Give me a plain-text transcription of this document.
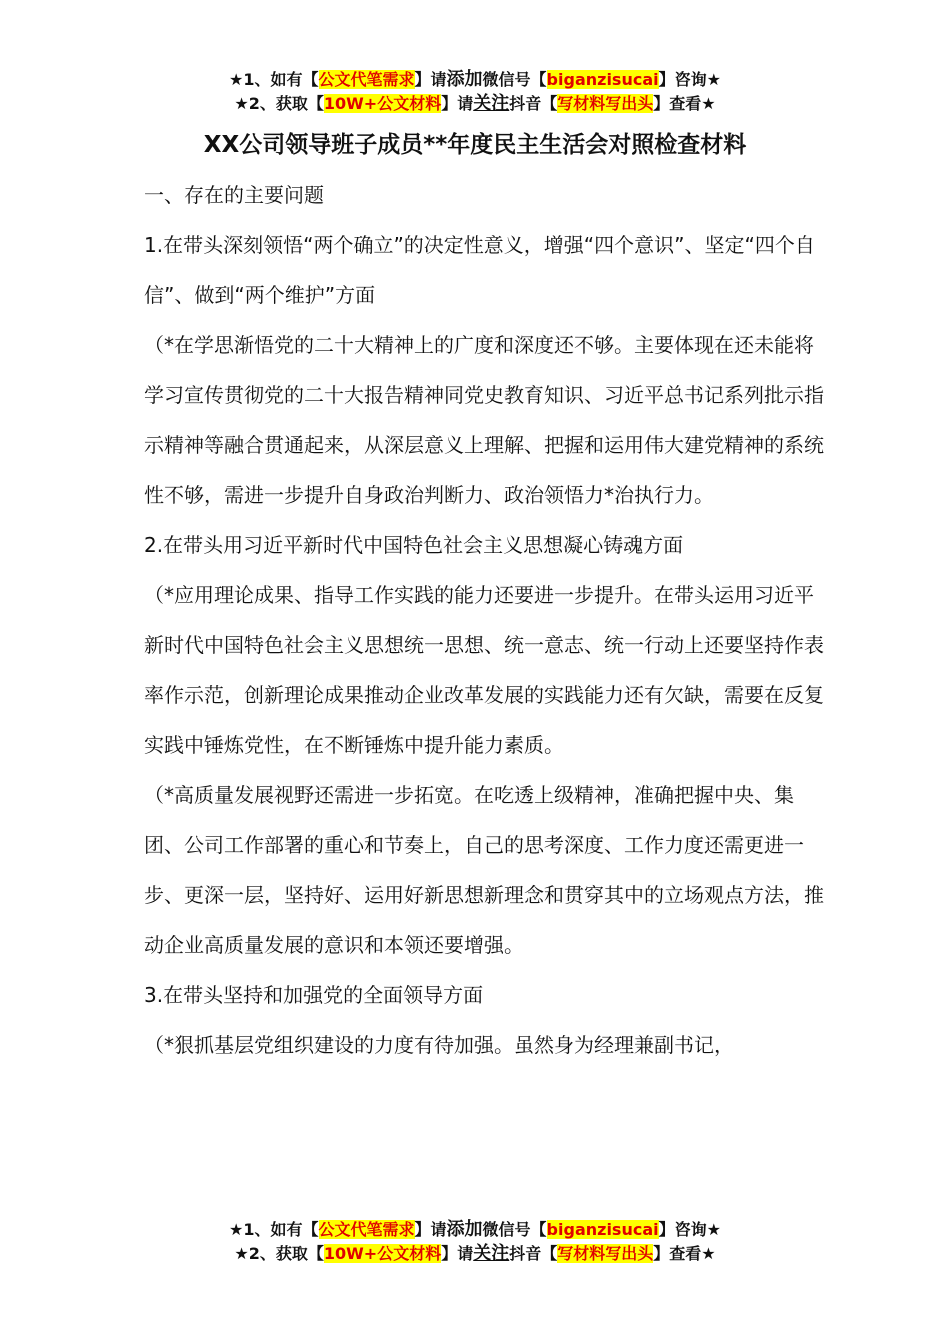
★1、如有【公文代笔需求】请添加微信号【biganzisucai】咨询★
★2、获取【10W+公文材料】请关注抖音【写材料写出头】查看★
XX公司领导班子成员**年度民主生活会对照检查材料

一、存在的主要问题

1.在带头深刻领悟“两个确立”的决定性意义，增强“四个意识”、坚定“四个自信”、做到“两个维护”方面

（*在学思渐悟党的二十大精神上的广度和深度还不够。主要体现在还未能将学习宣传贯彻党的二十大报告精神同党史教育知识、习近平总书记系列批示指示精神等融合贯通起来，从深层意义上理解、把握和运用伟大建党精神的系统性不够，需进一步提升自身政治判断力、政治领悟力*治执行力。

2.在带头用习近平新时代中国特色社会主义思想凝心铸魂方面

（*应用理论成果、指导工作实践的能力还要进一步提升。在带头运用习近平新时代中国特色社会主义思想统一思想、统一意志、统一行动上还要坚持作表率作示范，创新理论成果推动企业改革发展的实践能力还有欠缺，需要在反复实践中锤炼党性，在不断锤炼中提升能力素质。

（*高质量发展视野还需进一步拓宽。在吃透上级精神，准确把握中央、集团、公司工作部署的重心和节奏上，自己的思考深度、工作力度还需更进一步、更深一层，坚持好、运用好新思想新理念和贯穿其中的立场观点方法，推动企业高质量发展的意识和本领还要增强。

3.在带头坚持和加强党的全面领导方面

（*狠抓基层党组织建设的力度有待加强。虽然身为经理兼副书记，

★1、如有【公文代笔需求】请添加微信号【biganzisucai】咨询★
★2、获取【10W+公文材料】请关注抖音【写材料写出头】查看★
